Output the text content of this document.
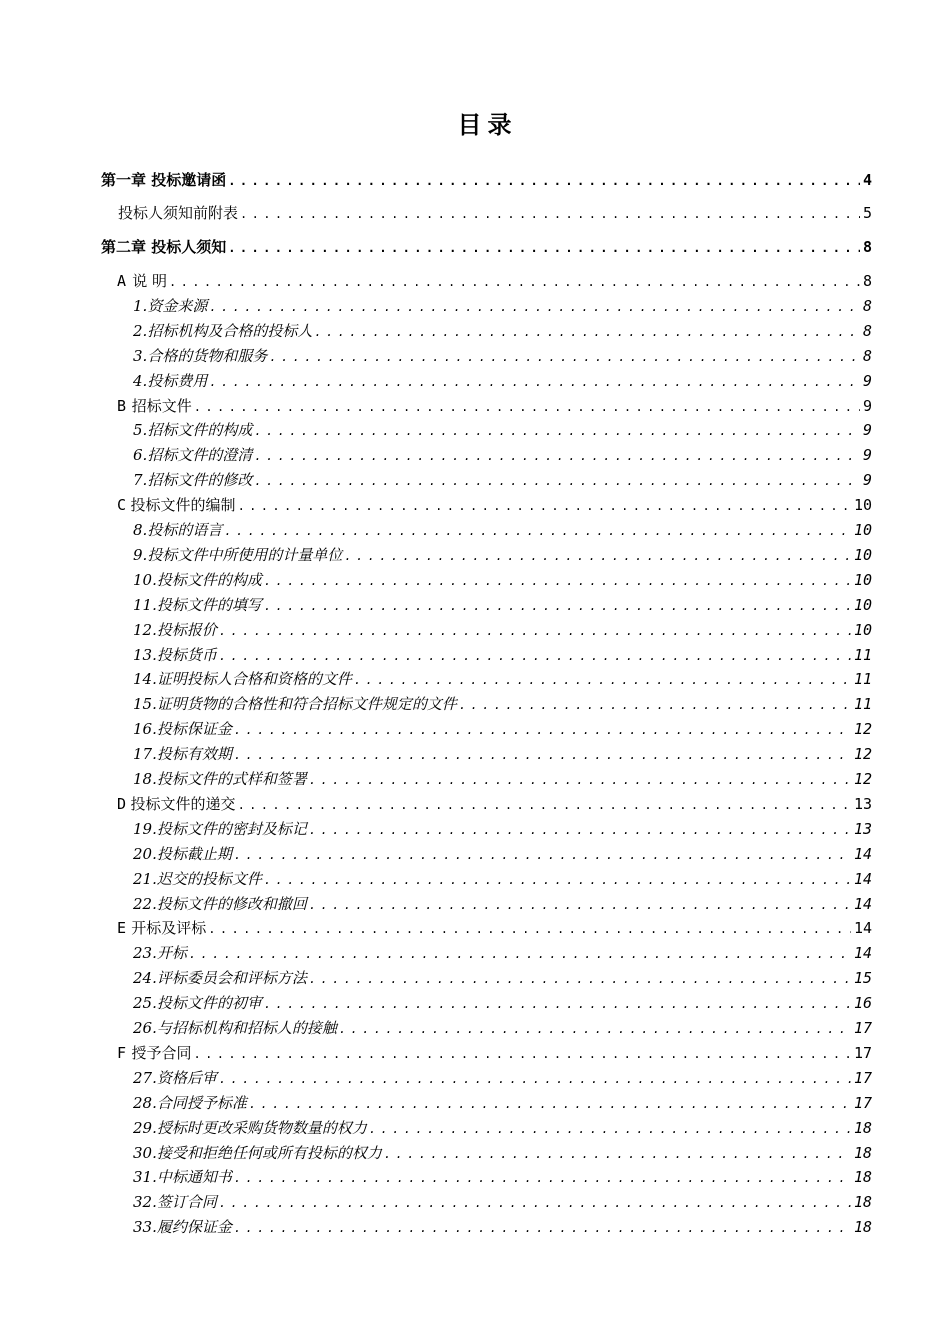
目录
第一章 投标邀请函 .....	4
投标人须知前附表 .....	5
第二章 投标人须知 .....	8
A 说 明 .....	8
1. 资金来源 .....	8
2. 招标机构及合格的投标人 .....	8
3. 合格的货物和服务 .....	8
4. 投标费用 .....	9
B 招标文件 .....	9
5. 招标文件的构成 .....	9
6. 招标文件的澄清 .....	9
7. 招标文件的修改 .....	9
C 投标文件的编制 .....	10
8. 投标的语言 .....	10
9. 投标文件中所使用的计量单位 .....	10
10. 投标文件的构成 .....	10
11. 投标文件的填写 .....	10
12. 投标报价 .....	10
13. 投标货币 .....	11
14. 证明投标人合格和资格的文件 .....	11
15. 证明货物的合格性和符合招标文件规定的文件 .....	11
16. 投标保证金 .....	12
17. 投标有效期 .....	12
18. 投标文件的式样和签署 .....	12
D 投标文件的递交 .....	13
19. 投标文件的密封及标记 .....	13
20. 投标截止期 .....	14
21. 迟交的投标文件 .....	14
22. 投标文件的修改和撤回 .....	14
E 开标及评标 .....	14
23. 开标 .....	14
24. 评标委员会和评标方法 .....	15
25. 投标文件的初审 .....	16
26. 与招标机构和招标人的接触 .....	17
F 授予合同 .....	17
27. 资格后审 .....	17
28. 合同授予标准 .....	17
29. 授标时更改采购货物数量的权力 .....	18
30. 接受和拒绝任何或所有投标的权力 .....	18
31. 中标通知书 .....	18
32. 签订合同 .....	18
33. 履约保证金 .....	18
